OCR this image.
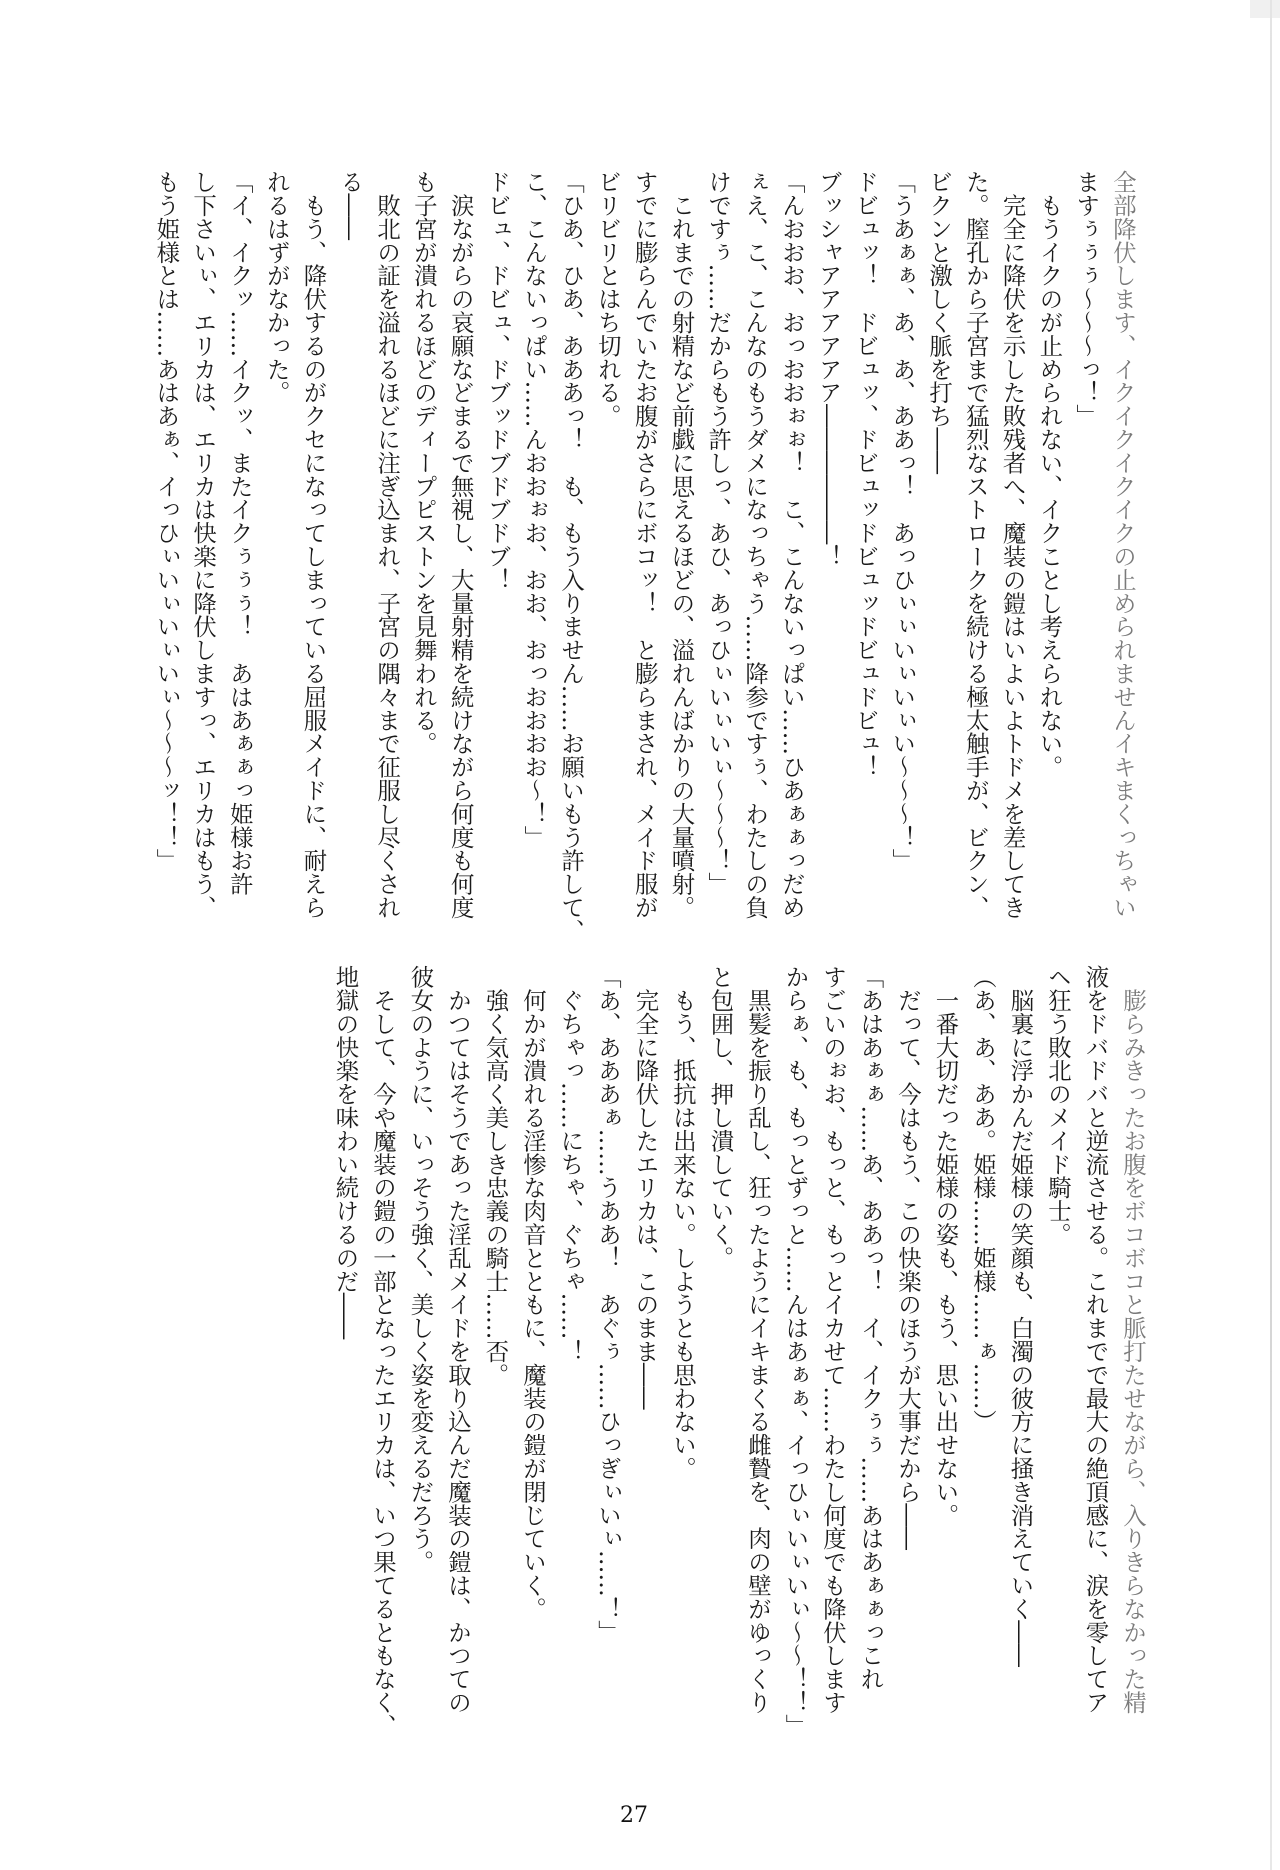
全部降伏します、イクイクイクイクの止められませんイキまくっちゃい
ますぅぅぅ～～～っ！」
　もうイクのが止められない、イクことし考えられない。
　完全に降伏を示した敗残者へ、魔装の鎧はいよいよトドメを差してき
た。膣孔から子宮まで猛烈なストロークを続ける極太触手が、ビクン、
ビクンと激しく脈を打ち――
「うあぁぁ、あ、あ、ああっ！　あっひぃぃいぃいぃい～～～！」
ドビュッ！　ドビュッ、ドビュッドビュッドビュドビュ！
ブッシャアアアアアア――――――！
「んおおお、おっおおぉぉ！　こ、こんないっぱい……ひあぁぁっだめ
ぇえ、こ、こんなのもうダメになっちゃう……降参ですぅ、わたしの負
けですぅ……だからもう許しっ、あひ、あっひぃいぃいぃ～～～！」
　これまでの射精など前戯に思えるほどの、溢れんばかりの大量噴射。
すでに膨らんでいたお腹がさらにボコッ！　と膨らまされ、メイド服が
ビリビリとはち切れる。
「ひあ、ひあ、あああっ！　も、もう入りません……お願いもう許して、
こ、こんないっぱい……んおおぉお、おお、おっおおおお～！」
ドビュ、ドビュ、ドブッドブドブドブ！
　涙ながらの哀願などまるで無視し、大量射精を続けながら何度も何度
も子宮が潰れるほどのディープピストンを見舞われる。
　敗北の証を溢れるほどに注ぎ込まれ、子宮の隅々まで征服し尽くされ
る――
　もう、降伏するのがクセになってしまっている屈服メイドに、耐えら
れるはずがなかった。
「イ、イクッ……イクッ、またイクぅぅぅ！　あはあぁぁっ姫様お許
し下さいぃ、エリカは、エリカは快楽に降伏しますっ、エリカはもう、
もう姫様とは……あはあぁ、イっひぃいぃいぃいぃ～～～ッ！！」
　膨らみきったお腹をボコボコと脈打たせながら、入りきらなかった精
液をドバドバと逆流させる。これまでで最大の絶頂感に、涙を零してア
ヘ狂う敗北のメイド騎士。
　脳裏に浮かんだ姫様の笑顔も、白濁の彼方に掻き消えていく――
（あ、あ、ああ。姫様……姫様……ぁ……）
　一番大切だった姫様の姿も、もう、思い出せない。
　だって、今はもう、この快楽のほうが大事だから――
「あはあぁぁ……あ、ああっ！　イ、イクぅぅ……あはあぁぁっこれ
すごいのぉお、もっと、もっとイカせて……わたし何度でも降伏します
からぁ、も、もっとずっと……んはあぁぁ、イっひぃいぃいぃ～～！！」
　黒髪を振り乱し、狂ったようにイキまくる雌贄を、肉の壁がゆっくり
と包囲し、押し潰していく。
　もう、抵抗は出来ない。しようとも思わない。
　完全に降伏したエリカは、このまま――
「あ、あああぁ……うああ！　あぐぅ……ひっぎぃいぃ……！」
　ぐちゃっ……にちゃ、ぐちゃ……！
　何かが潰れる淫惨な肉音とともに、魔装の鎧が閉じていく。
　強く気高く美しき忠義の騎士……否。
　かつてはそうであった淫乱メイドを取り込んだ魔装の鎧は、かつての
彼女のように、いっそう強く、美しく姿を変えるだろう。
　そして、今や魔装の鎧の一部となったエリカは、いつ果てるともなく、
地獄の快楽を味わい続けるのだ――
27
